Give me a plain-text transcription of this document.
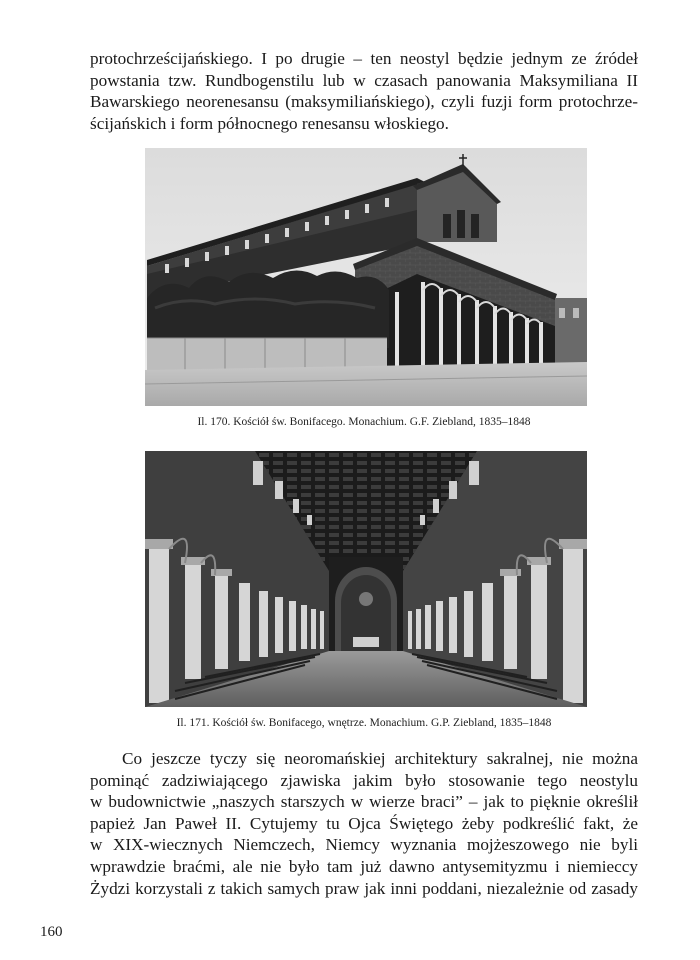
protochrześcijańskiego. I po drugie – ten neostyl będzie jednym ze źródeł
powstania tzw. Rundbogenstilu lub w czasach panowania Maksymiliana II
Bawarskiego neorenesansu (maksymiliańskiego), czyli fuzji form protochrze-
ścijańskich i form północnego renesansu włoskiego.
Il. 170. Kościół św. Bonifacego. Monachium. G.F. Ziebland, 1835–1848
Il. 171. Kościół św. Bonifacego, wnętrze. Monachium. G.P. Ziebland, 1835–1848
Co jeszcze tyczy się neoromańskiej architektury sakralnej, nie można
pominąć zadziwiającego zjawiska jakim było stosowanie tego neostylu
w budownictwie „naszych starszych w wierze braci” – jak to pięknie określił
papież Jan Paweł II. Cytujemy tu Ojca Świętego żeby podkreślić fakt, że
w XIX-wiecznych Niemczech, Niemcy wyznania mojżeszowego nie byli
wprawdzie braćmi, ale nie było tam już dawno antysemityzmu i niemieccy
Żydzi korzystali z takich samych praw jak inni poddani, niezależnie od zasady
160
